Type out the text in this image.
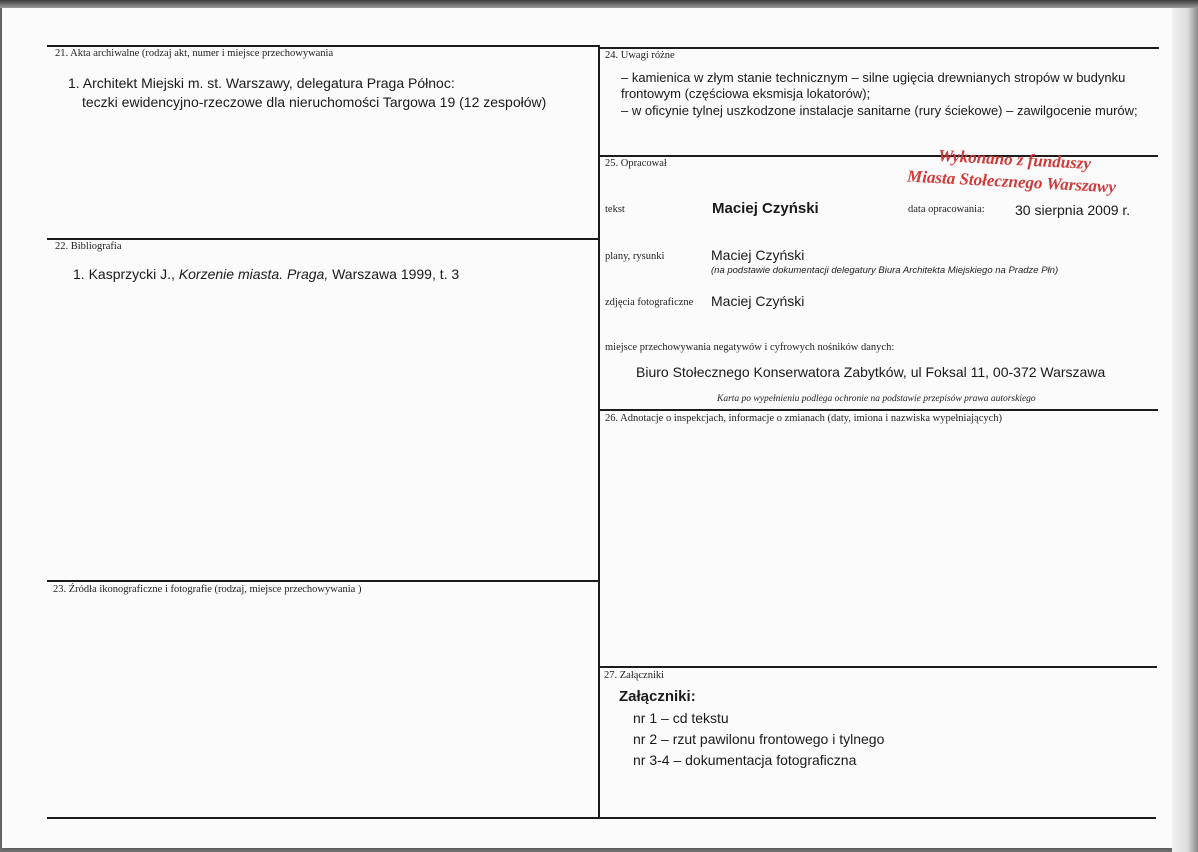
21. Akta archiwalne (rodzaj akt, numer i miejsce przechowywania
1. Architekt Miejski m. st. Warszawy, delegatura Praga Północ:
teczki ewidencyjno-rzeczowe dla nieruchomości Targowa 19 (12 zespołów)
22. Bibliografia
1. Kasprzycki J., Korzenie miasta. Praga, Warszawa 1999, t. 3
23. Źródła ikonograficzne i fotografie (rodzaj, miejsce przechowywania )
24. Uwagi różne
– kamienica w złym stanie technicznym – silne ugięcia drewnianych stropów w budynku
frontowym (częściowa eksmisja lokatorów);
– w oficynie tylnej uszkodzone instalacje sanitarne (rury ściekowe) – zawilgocenie murów;
25. Opracował	Wykonano z funduszy
Miasta Stołecznego Warszawy
tekst	Maciej Czyński	data opracowania: 30 sierpnia 2009 r.
plany, rysunki	Maciej Czyński
(na podstawie dokumentacji delegatury Biura Architekta Miejskiego na Pradze Płn)
zdjęcia fotograficzne Maciej Czyński
miejsce przechowywania negatywów i cyfrowych nośników danych:
Biuro Stołecznego Konserwatora Zabytków, ul Foksal 11, 00-372 Warszawa
Karta po wypełnieniu podlega ochronie na podstawie przepisów prawa autorskiego
26. Adnotacje o inspekcjach, informacje o zmianach (daty, imiona i nazwiska wypełniających)
27. Załączniki
Załączniki:
nr 1 – cd tekstu
nr 2 – rzut pawilonu frontowego i tylnego
nr 3-4 – dokumentacja fotograficzna
